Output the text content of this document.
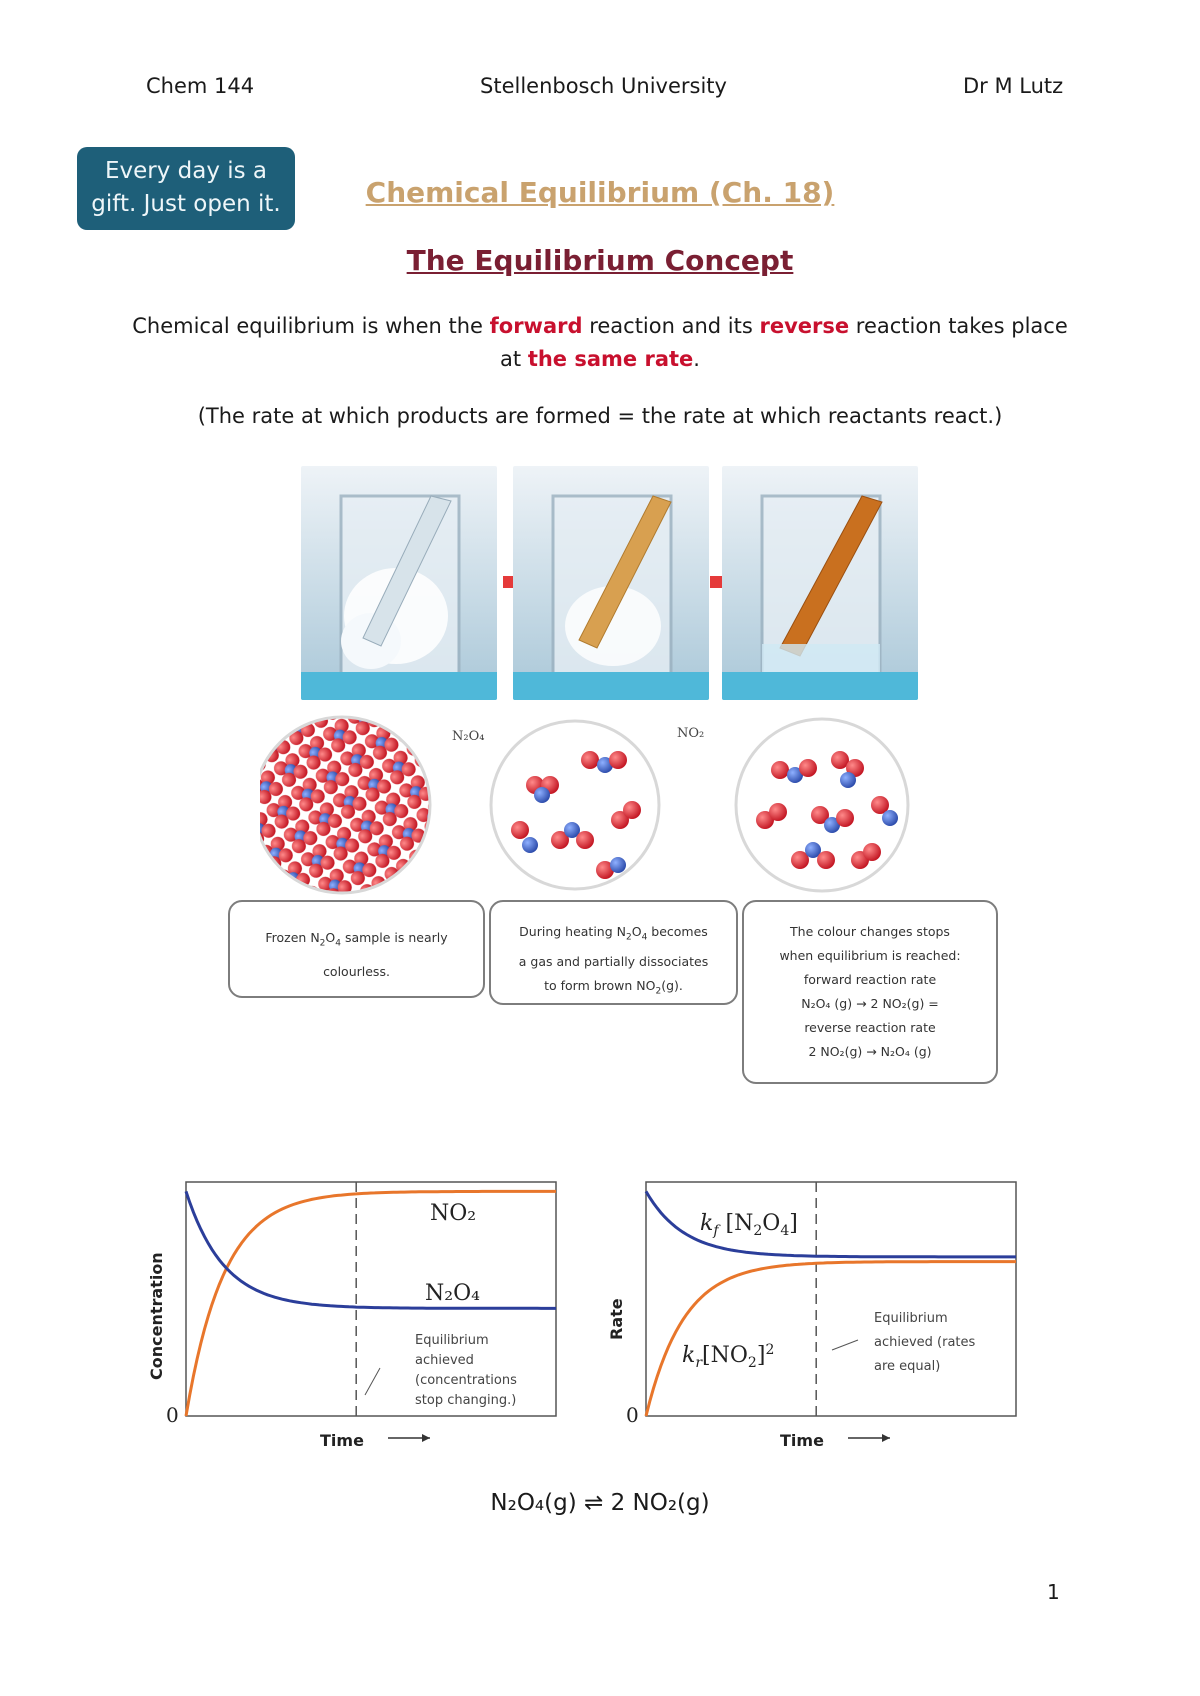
Chem 144	Stellenbosch University	Dr M Lutz
Every day is a
gift. Just open it.	Chemical Equilibrium (Ch. 18)
The Equilibrium Concept
Chemical equilibrium is when the forward reaction and its reverse reaction takes place at the same rate.
(The rate at which products are formed = the rate at which reactants react.)
N₂O₄	NO₂
Frozen $N_2O_4$ sample is nearly
colourless.
During heating $N_2O_4$ becomes
a gas and partially dissociates
to form brown $NO_2(g)$.
The colour changes stops
when equilibrium is reached:
forward reaction rate
N₂O₄ (g) → 2 NO₂(g) =
reverse reaction rate
2 NO₂(g) → N₂O₄ (g)
NO₂
N₂O₄
Equilibrium
achieved
(concentrations
stop changing.)
0
Time
Concentration
$k_f$ $[N_2O_4]$
$k_r[NO_2]^2$
Equilibrium
achieved (rates
are equal)
0
Time
Rate
N₂O₄(g) ⇌ 2 NO₂(g)
1
